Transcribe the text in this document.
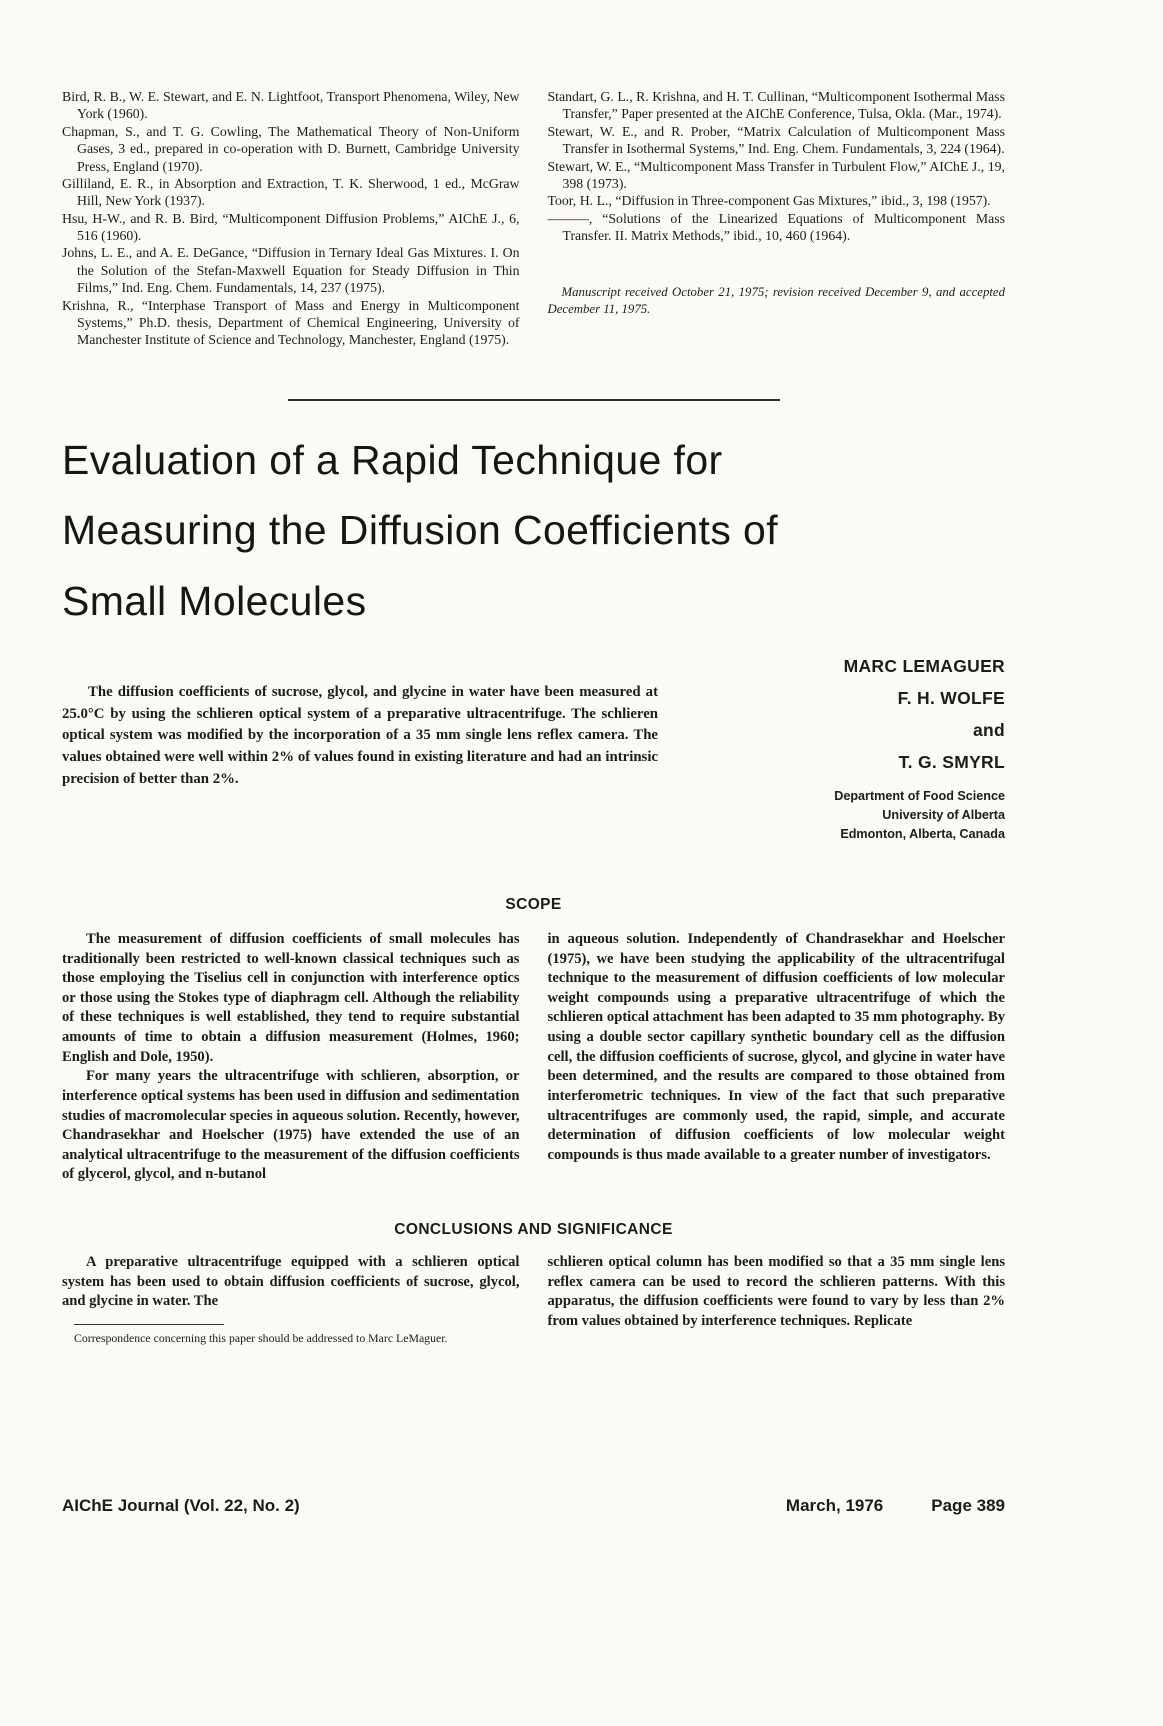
Bird, R. B., W. E. Stewart, and E. N. Lightfoot, Transport Phenomena, Wiley, New York (1960).

Chapman, S., and T. G. Cowling, The Mathematical Theory of Non-Uniform Gases, 3 ed., prepared in co-operation with D. Burnett, Cambridge University Press, England (1970).

Gilliland, E. R., in Absorption and Extraction, T. K. Sherwood, 1 ed., McGraw Hill, New York (1937).

Hsu, H-W., and R. B. Bird, “Multicomponent Diffusion Problems,” AIChE J., 6, 516 (1960).

Johns, L. E., and A. E. DeGance, “Diffusion in Ternary Ideal Gas Mixtures. I. On the Solution of the Stefan-Maxwell Equation for Steady Diffusion in Thin Films,” Ind. Eng. Chem. Fundamentals, 14, 237 (1975).

Krishna, R., “Interphase Transport of Mass and Energy in Multicomponent Systems,” Ph.D. thesis, Department of Chemical Engineering, University of Manchester Institute of Science and Technology, Manchester, England (1975).

Standart, G. L., R. Krishna, and H. T. Cullinan, “Multicomponent Isothermal Mass Transfer,” Paper presented at the AIChE Conference, Tulsa, Okla. (Mar., 1974).

Stewart, W. E., and R. Prober, “Matrix Calculation of Multicomponent Mass Transfer in Isothermal Systems,” Ind. Eng. Chem. Fundamentals, 3, 224 (1964).

Stewart, W. E., “Multicomponent Mass Transfer in Turbulent Flow,” AIChE J., 19, 398 (1973).

Toor, H. L., “Diffusion in Three-component Gas Mixtures,” ibid., 3, 198 (1957).

———, “Solutions of the Linearized Equations of Multicomponent Mass Transfer. II. Matrix Methods,” ibid., 10, 460 (1964).

Manuscript received October 21, 1975; revision received December 9, and accepted December 11, 1975.

Evaluation of a Rapid Technique for Measuring the Diffusion Coefficients of Small Molecules

The diffusion coefficients of sucrose, glycol, and glycine in water have been measured at 25.0°C by using the schlieren optical system of a preparative ultracentrifuge. The schlieren optical system was modified by the incorporation of a 35 mm single lens reflex camera. The values obtained were well within 2% of values found in existing literature and had an intrinsic precision of better than 2%.

MARC LEMAGUER
F. H. WOLFE
and
T. G. SMYRL
Department of Food Science
University of Alberta
Edmonton, Alberta, Canada
SCOPE

The measurement of diffusion coefficients of small molecules has traditionally been restricted to well-known classical techniques such as those employing the Tiselius cell in conjunction with interference optics or those using the Stokes type of diaphragm cell. Although the reliability of these techniques is well established, they tend to require substantial amounts of time to obtain a diffusion measurement (Holmes, 1960; English and Dole, 1950).

For many years the ultracentrifuge with schlieren, absorption, or interference optical systems has been used in diffusion and sedimentation studies of macromolecular species in aqueous solution. Recently, however, Chandrasekhar and Hoelscher (1975) have extended the use of an analytical ultracentrifuge to the measurement of the diffusion coefficients of glycerol, glycol, and n-butanol

in aqueous solution. Independently of Chandrasekhar and Hoelscher (1975), we have been studying the applicability of the ultracentrifugal technique to the measurement of diffusion coefficients of low molecular weight compounds using a preparative ultracentrifuge of which the schlieren optical attachment has been adapted to 35 mm photography. By using a double sector capillary synthetic boundary cell as the diffusion cell, the diffusion coefficients of sucrose, glycol, and glycine in water have been determined, and the results are compared to those obtained from interferometric techniques. In view of the fact that such preparative ultracentrifuges are commonly used, the rapid, simple, and accurate determination of diffusion coefficients of low molecular weight compounds is thus made available to a greater number of investigators.

CONCLUSIONS AND SIGNIFICANCE

A preparative ultracentrifuge equipped with a schlieren optical system has been used to obtain diffusion coefficients of sucrose, glycol, and glycine in water. The

Correspondence concerning this paper should be addressed to Marc LeMaguer.

schlieren optical column has been modified so that a 35 mm single lens reflex camera can be used to record the schlieren patterns. With this apparatus, the diffusion coefficients were found to vary by less than 2% from values obtained by interference techniques. Replicate

AIChE Journal (Vol. 22, No. 2)	March, 1976	Page 389
